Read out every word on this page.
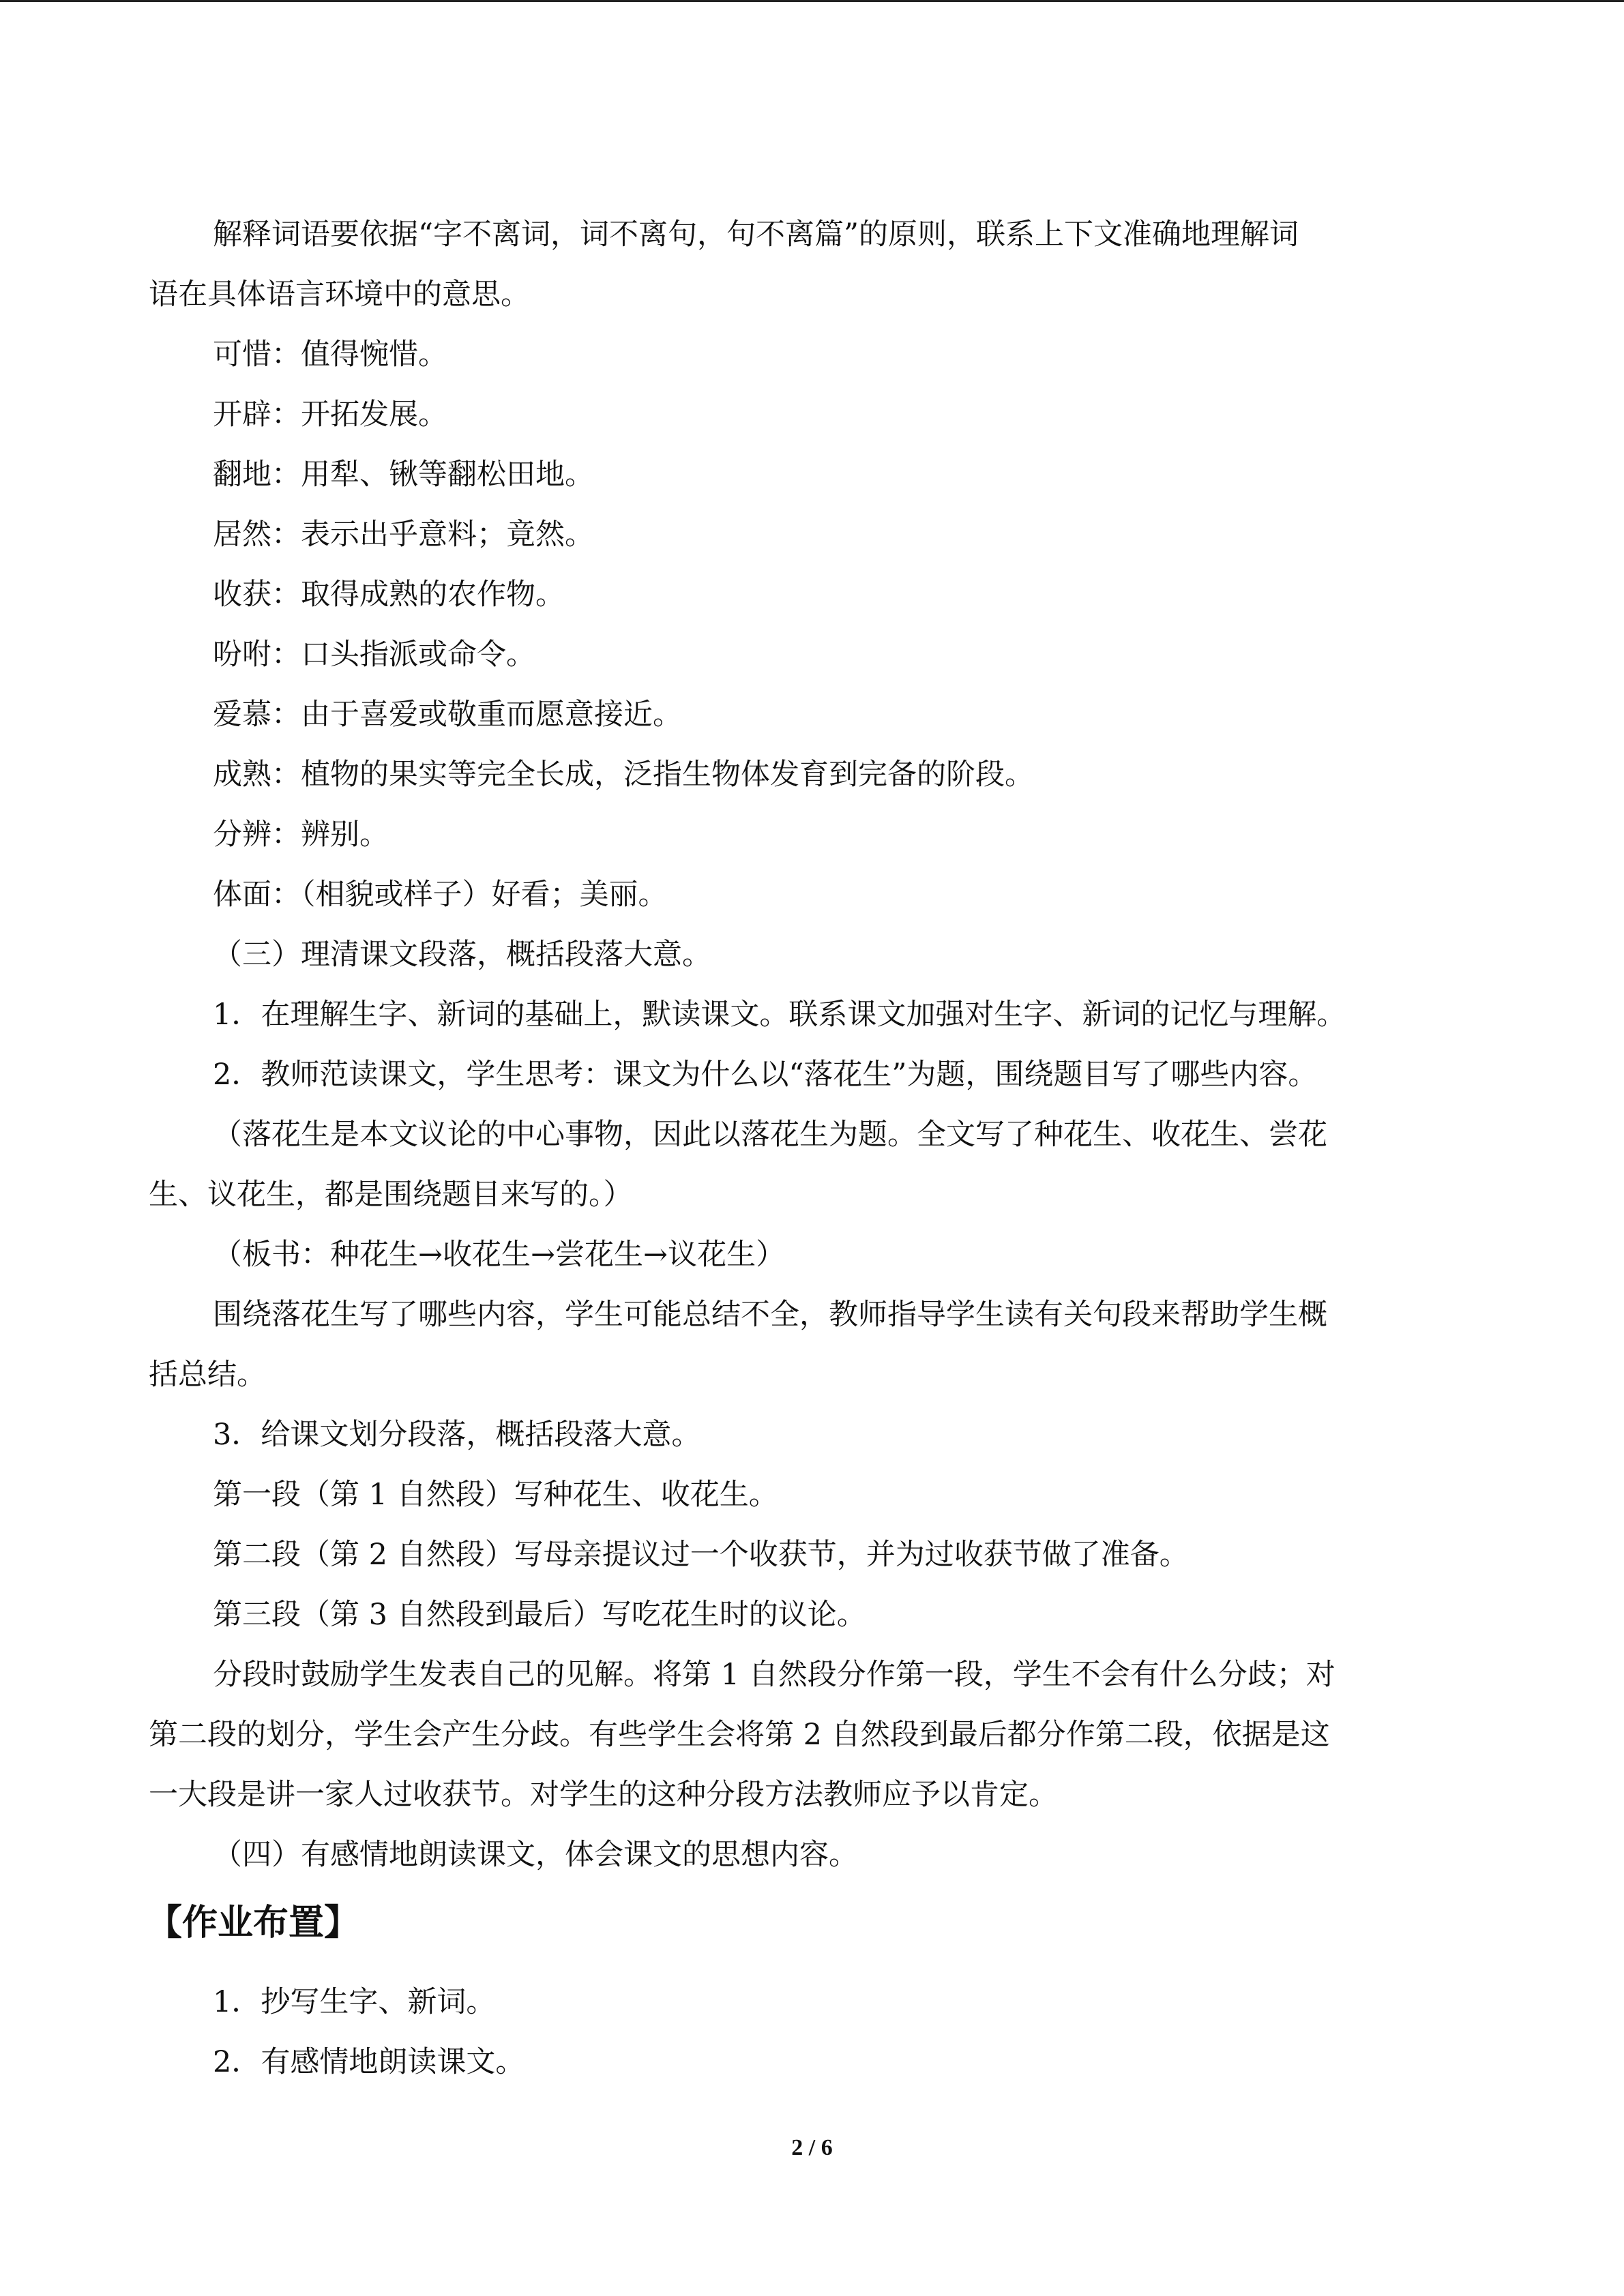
解释词语要依据“字不离词，词不离句，句不离篇”的原则，联系上下文准确地理解词

语在具体语言环境中的意思。

可惜：值得惋惜。

开辟：开拓发展。

翻地：用犁、锹等翻松田地。

居然：表示出乎意料；竟然。

收获：取得成熟的农作物。

吩咐：口头指派或命令。

爱慕：由于喜爱或敬重而愿意接近。

成熟：植物的果实等完全长成，泛指生物体发育到完备的阶段。

分辨：辨别。

体面：（相貌或样子）好看；美丽。

（三）理清课文段落，概括段落大意。

1．在理解生字、新词的基础上，默读课文。联系课文加强对生字、新词的记忆与理解。

2．教师范读课文，学生思考：课文为什么以“落花生”为题，围绕题目写了哪些内容。

（落花生是本文议论的中心事物，因此以落花生为题。全文写了种花生、收花生、尝花

生、议花生，都是围绕题目来写的。）

（板书：种花生→收花生→尝花生→议花生）

围绕落花生写了哪些内容，学生可能总结不全，教师指导学生读有关句段来帮助学生概

括总结。

3．给课文划分段落，概括段落大意。

第一段（第 1 自然段）写种花生、收花生。

第二段（第 2 自然段）写母亲提议过一个收获节，并为过收获节做了准备。

第三段（第 3 自然段到最后）写吃花生时的议论。

分段时鼓励学生发表自己的见解。将第 1 自然段分作第一段，学生不会有什么分歧；对

第二段的划分，学生会产生分歧。有些学生会将第 2 自然段到最后都分作第二段，依据是这

一大段是讲一家人过收获节。对学生的这种分段方法教师应予以肯定。

（四）有感情地朗读课文，体会课文的思想内容。

【作业布置】

1．抄写生字、新词。

2．有感情地朗读课文。

2 / 6
